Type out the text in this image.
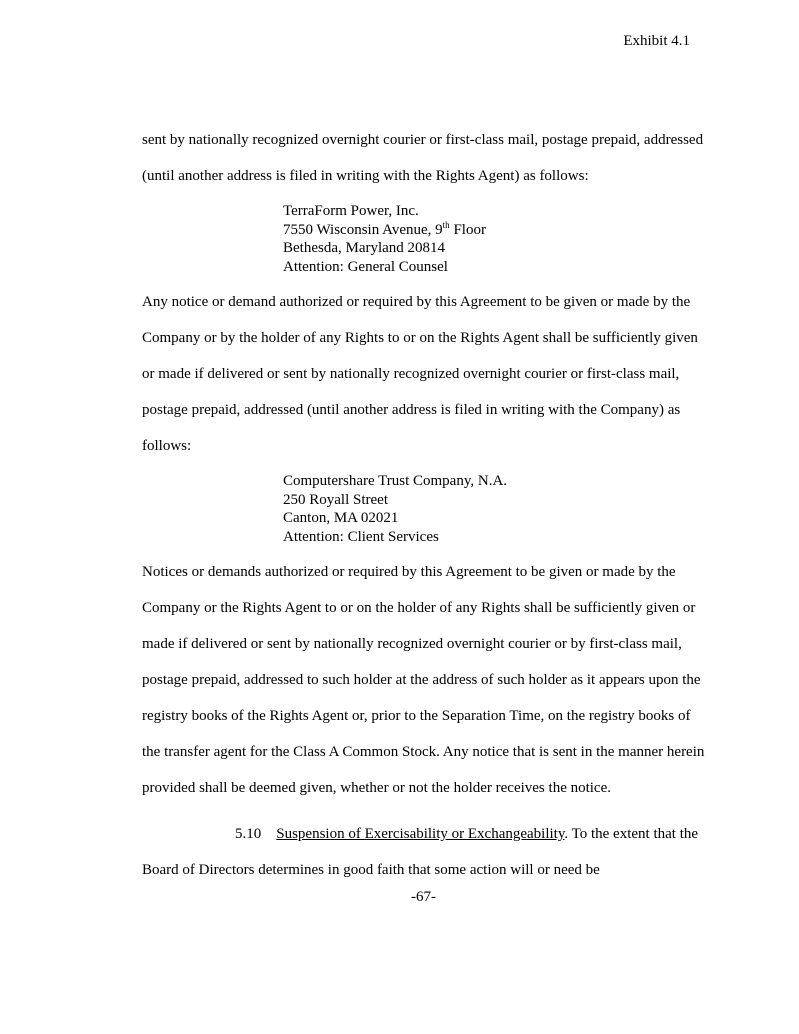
Exhibit 4.1

sent by nationally recognized overnight courier or first-class mail, postage prepaid, addressed (until another address is filed in writing with the Rights Agent) as follows:

TerraForm Power, Inc.
7550 Wisconsin Avenue, 9th Floor
Bethesda, Maryland 20814
Attention: General Counsel

Any notice or demand authorized or required by this Agreement to be given or made by the Company or by the holder of any Rights to or on the Rights Agent shall be sufficiently given or made if delivered or sent by nationally recognized overnight courier or first-class mail, postage prepaid, addressed (until another address is filed in writing with the Company) as follows:

Computershare Trust Company, N.A.
250 Royall Street
Canton, MA 02021
Attention: Client Services

Notices or demands authorized or required by this Agreement to be given or made by the Company or the Rights Agent to or on the holder of any Rights shall be sufficiently given or made if delivered or sent by nationally recognized overnight courier or by first-class mail, postage prepaid, addressed to such holder at the address of such holder as it appears upon the registry books of the Rights Agent or, prior to the Separation Time, on the registry books of the transfer agent for the Class A Common Stock. Any notice that is sent in the manner herein provided shall be deemed given, whether or not the holder receives the notice.

5.10 Suspension of Exercisability or Exchangeability. To the extent that the Board of Directors determines in good faith that some action will or need be

-67-
